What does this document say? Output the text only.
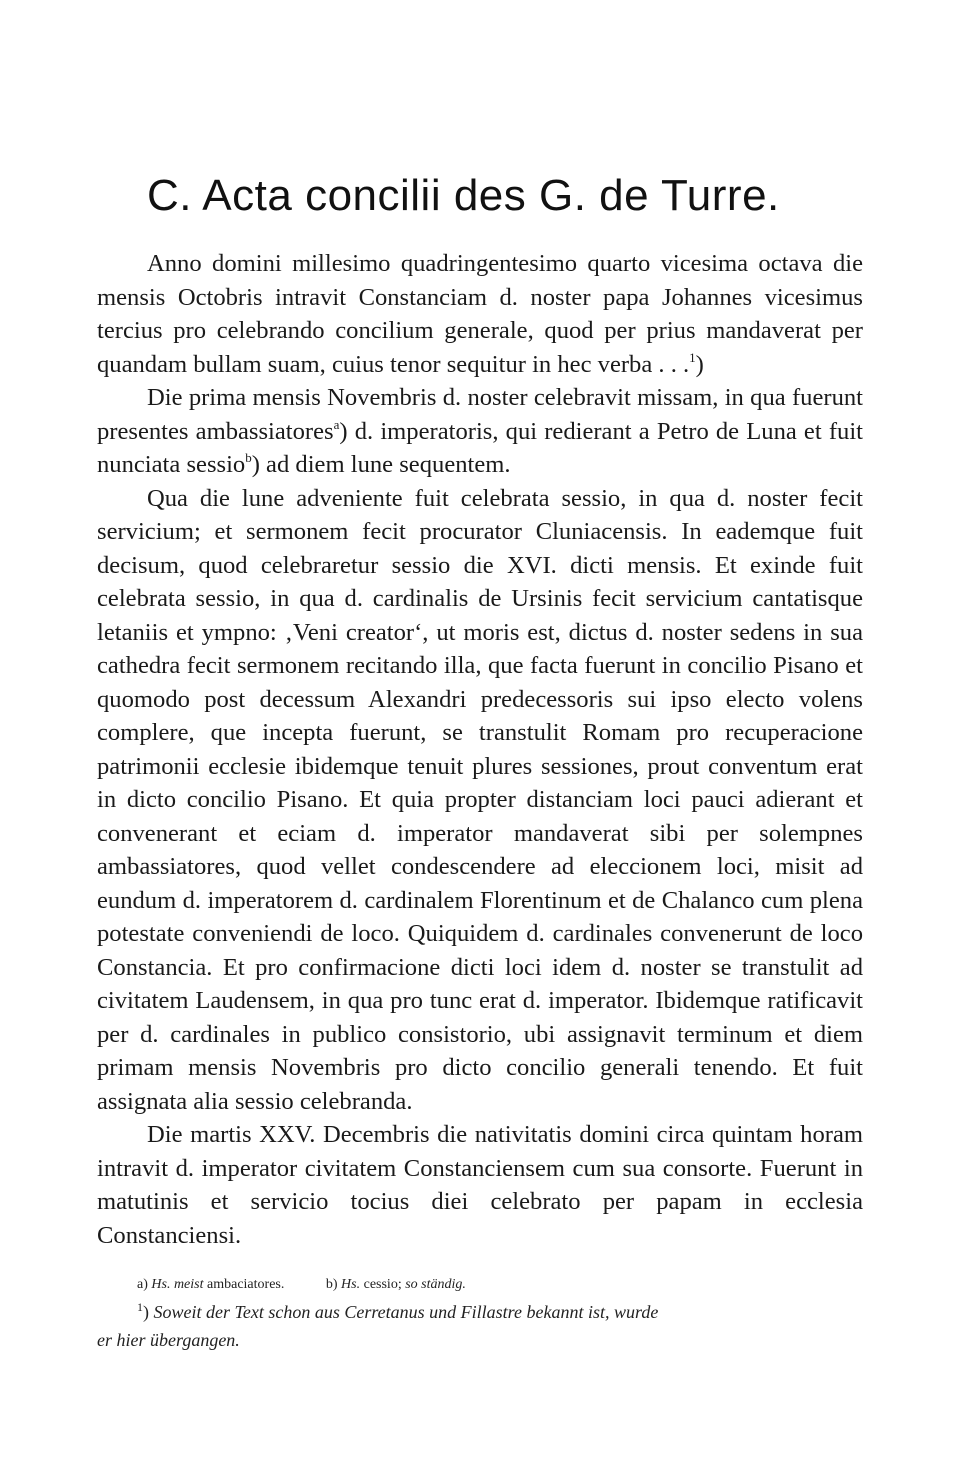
C. Acta concilii des G. de Turre.

Anno domini millesimo quadringentesimo quarto vicesima octava die mensis Octobris intravit Constanciam d. noster papa Johannes vicesimus tercius pro celebrando concilium generale, quod per prius mandaverat per quandam bullam suam, cuius tenor sequitur in hec verba . . .$^1$)

Die prima mensis Novembris d. noster celebravit missam, in qua fuerunt presentes ambassiatores$^a$) d. imperatoris, qui redierant a Petro de Luna et fuit nunciata sessio$^b$) ad diem lune sequentem.

Qua die lune adveniente fuit celebrata sessio, in qua d. noster fecit servicium; et sermonem fecit procurator Cluniacensis. In eademque fuit decisum, quod celebraretur sessio die XVI. dicti mensis. Et exinde fuit celebrata sessio, in qua d. cardinalis de Ursinis fecit servicium cantatisque letaniis et ympno: ‚Veni creator‘, ut moris est, dictus d. noster sedens in sua cathedra fecit sermonem recitando illa, que facta fuerunt in concilio Pisano et quomodo post decessum Alexandri predecessoris sui ipso electo volens complere, que incepta fuerunt, se transtulit Romam pro recuperacione patrimonii ecclesie ibidemque tenuit plures sessiones, prout conventum erat in dicto concilio Pisano. Et quia propter distanciam loci pauci adierant et convenerant et eciam d. imperator mandaverat sibi per solempnes ambassiatores, quod vellet condescendere ad eleccionem loci, misit ad eundum d. imperatorem d. cardinalem Florentinum et de Chalanco cum plena potestate conveniendi de loco. Quiquidem d. cardinales convenerunt de loco Constancia. Et pro confirmacione dicti loci idem d. noster se transtulit ad civitatem Laudensem, in qua pro tunc erat d. imperator. Ibidemque ratificavit per d. cardinales in publico consistorio, ubi assignavit terminum et diem primam mensis Novembris pro dicto concilio generali tenendo. Et fuit assignata alia sessio celebranda.

Die martis XXV. Decembris die nativitatis domini circa quintam horam intravit d. imperator civitatem Constanciensem cum sua consorte. Fuerunt in matutinis et servicio tocius diei celebrato per papam in ecclesia Constanciensi.

a) Hs. meist ambaciatores.	b) Hs. cessio; so ständig.

$^1$) Soweit der Text schon aus Cerretanus und Fillastre bekannt ist, wurde
er hier übergangen.
